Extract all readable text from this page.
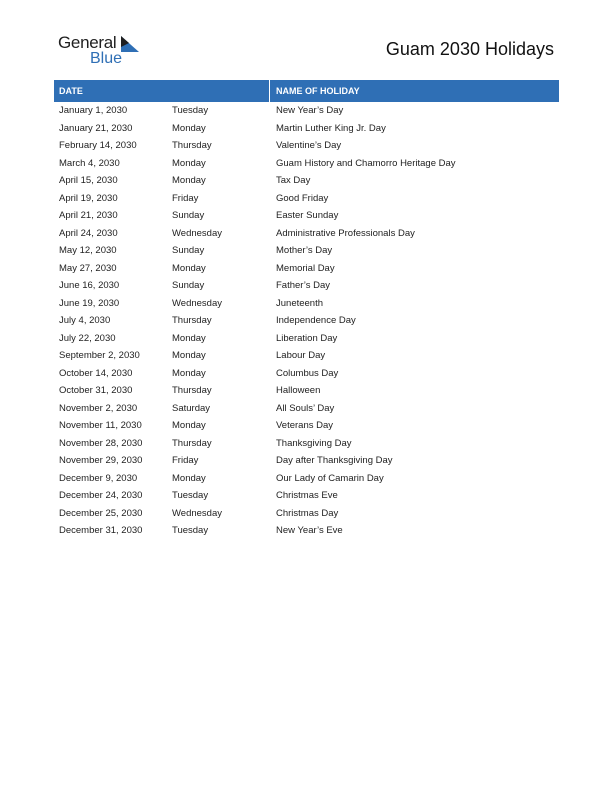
General
Blue	Guam 2030 Holidays
DATE	NAME OF HOLIDAY
January 1, 2030	Tuesday	New Year’s Day
January 21, 2030	Monday	Martin Luther King Jr. Day
February 14, 2030	Thursday	Valentine’s Day
March 4, 2030	Monday	Guam History and Chamorro Heritage Day
April 15, 2030	Monday	Tax Day
April 19, 2030	Friday	Good Friday
April 21, 2030	Sunday	Easter Sunday
April 24, 2030	Wednesday	Administrative Professionals Day
May 12, 2030	Sunday	Mother’s Day
May 27, 2030	Monday	Memorial Day
June 16, 2030	Sunday	Father’s Day
June 19, 2030	Wednesday	Juneteenth
July 4, 2030	Thursday	Independence Day
July 22, 2030	Monday	Liberation Day
September 2, 2030	Monday	Labour Day
October 14, 2030	Monday	Columbus Day
October 31, 2030	Thursday	Halloween
November 2, 2030	Saturday	All Souls’ Day
November 11, 2030	Monday	Veterans Day
November 28, 2030	Thursday	Thanksgiving Day
November 29, 2030	Friday	Day after Thanksgiving Day
December 9, 2030	Monday	Our Lady of Camarin Day
December 24, 2030	Tuesday	Christmas Eve
December 25, 2030	Wednesday	Christmas Day
December 31, 2030	Tuesday	New Year’s Eve
